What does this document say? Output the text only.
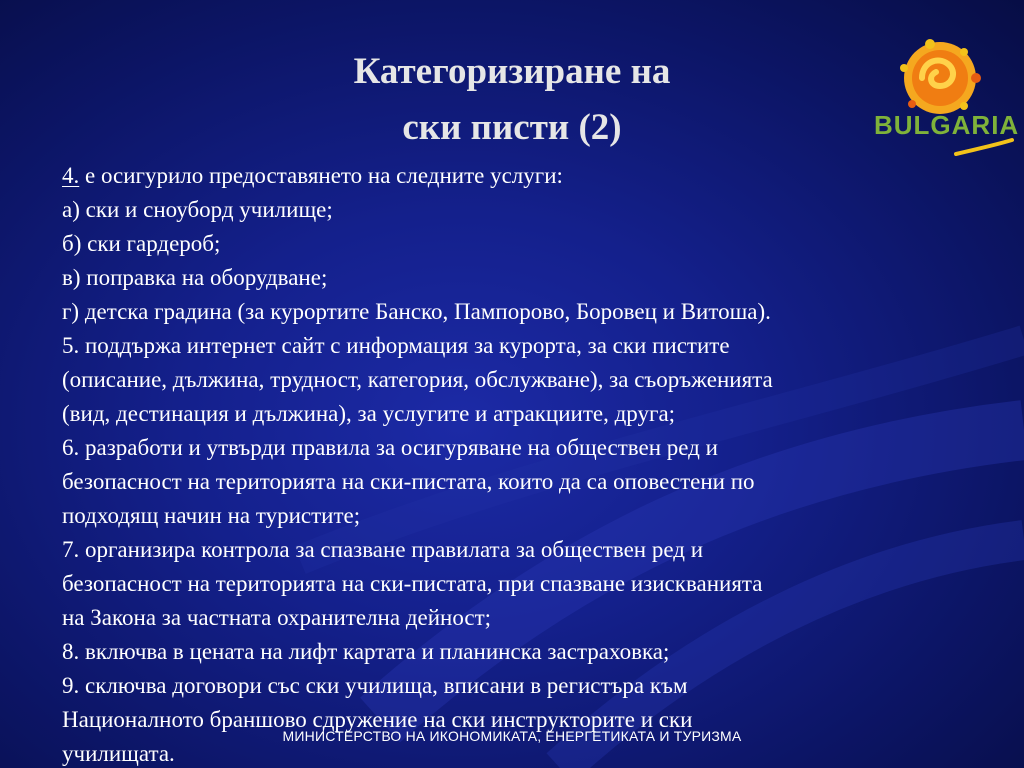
Категоризиране на
ски писти (2)	BULGARIA
4. е осигурило предоставянето на следните услуги:
а) ски и сноуборд училище;
б) ски гардероб;
в) поправка на оборудване;
г) детска градина (за курортите Банско, Пампорово, Боровец и Витоша).
5. поддържа интернет сайт с информация за курорта, за ски пистите
(описание, дължина, трудност, категория, обслужване), за съоръженията
(вид, дестинация и дължина), за услугите и атракциите, друга;
6. разработи и утвърди правила за осигуряване на обществен ред и
безопасност на територията на ски-пистата, които да са оповестени по
подходящ начин на туристите;
7. организира контрола за спазване правилата за обществен ред и
безопасност на територията на ски-пистата, при спазване изискванията
на Закона за частната охранителна дейност;
8. включва в цената на лифт картата и планинска застраховка;
9. сключва договори със ски училища, вписани в регистъра към
Националното браншово сдружение на ски инструкторите и ски
училищата.
МИНИСТЕРСТВО НА ИКОНОМИКАТА, ЕНЕРГЕТИКАТА И ТУРИЗМА
